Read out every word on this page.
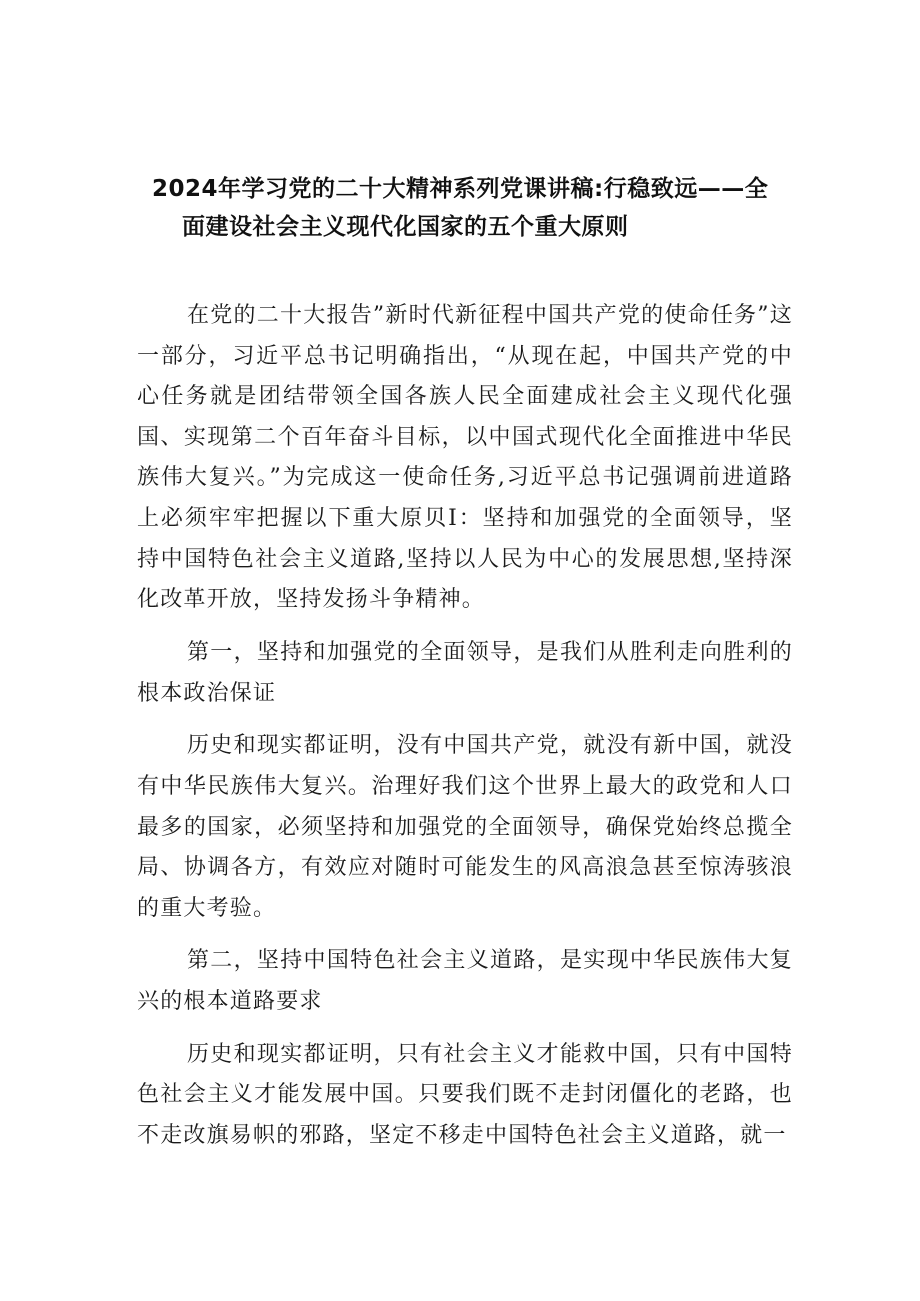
2024年学习党的二十大精神系列党课讲稿:行稳致远——全
面建设社会主义现代化国家的五个重大原则

在党的二十大报告”新时代新征程中国共产党的使命任务”这一部分，习近平总书记明确指出，“从现在起，中国共产党的中心任务就是团结带领全国各族人民全面建成社会主义现代化强国、实现第二个百年奋斗目标，以中国式现代化全面推进中华民族伟大复兴。”为完成这一使命任务,习近平总书记强调前进道路上必须牢牢把握以下重大原贝I：坚持和加强党的全面领导，坚持中国特色社会主义道路,坚持以人民为中心的发展思想,坚持深化改革开放，坚持发扬斗争精神。

第一，坚持和加强党的全面领导，是我们从胜利走向胜利的根本政治保证

历史和现实都证明，没有中国共产党，就没有新中国，就没有中华民族伟大复兴。治理好我们这个世界上最大的政党和人口最多的国家，必须坚持和加强党的全面领导，确保党始终总揽全局、协调各方，有效应对随时可能发生的风高浪急甚至惊涛骇浪的重大考验。

第二，坚持中国特色社会主义道路，是实现中华民族伟大复兴的根本道路要求

历史和现实都证明，只有社会主义才能救中国，只有中国特色社会主义才能发展中国。只要我们既不走封闭僵化的老路，也不走改旗易帜的邪路，坚定不移走中国特色社会主义道路，就一
